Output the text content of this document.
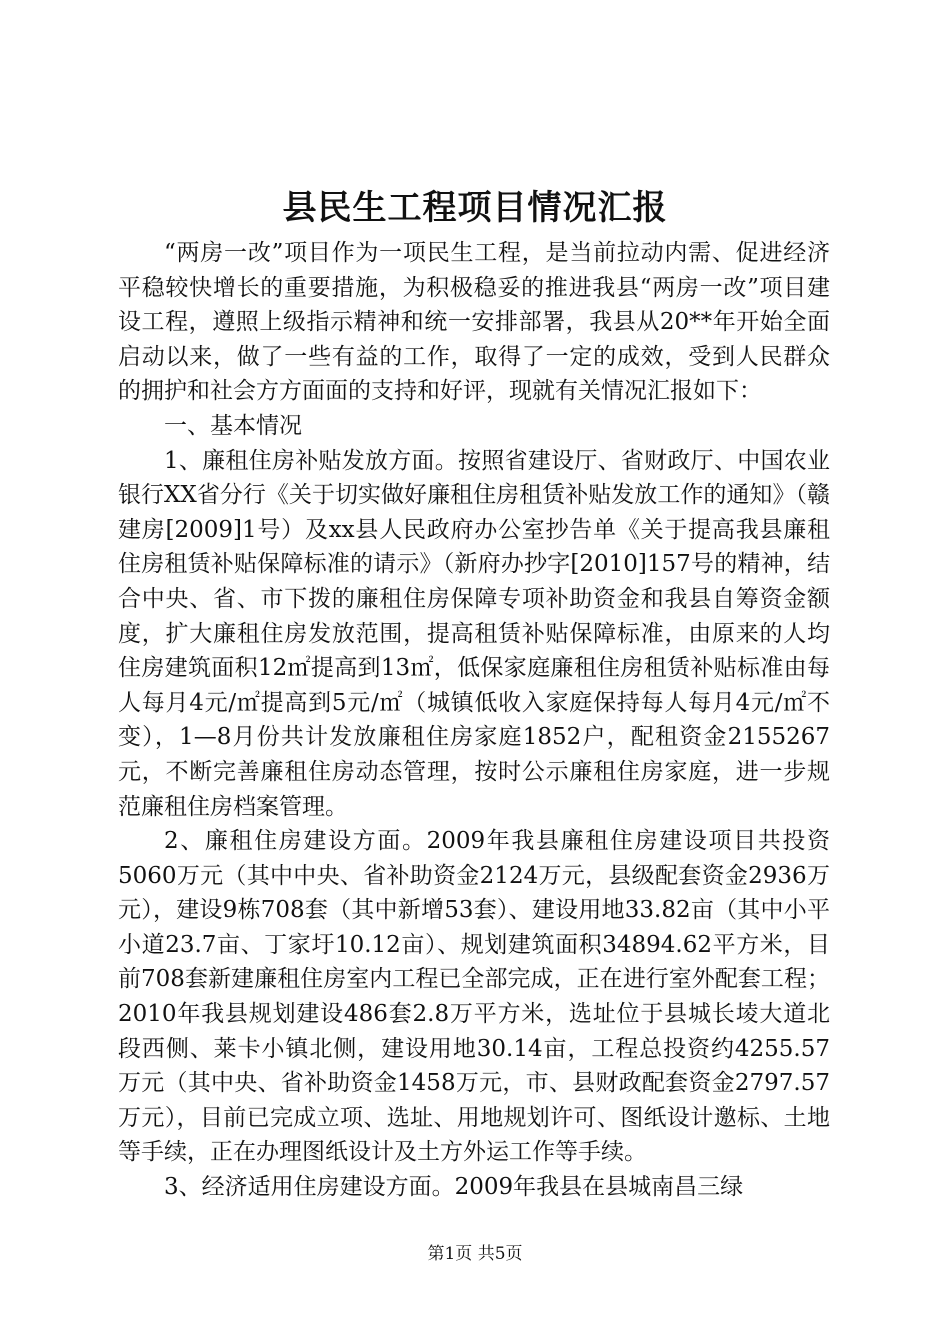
县民生工程项目情况汇报

“两房一改”项目作为一项民生工程，是当前拉动内需、促进经济平稳较快增长的重要措施，为积极稳妥的推进我县“两房一改”项目建设工程，遵照上级指示精神和统一安排部署，我县从20**年开始全面启动以来，做了一些有益的工作，取得了一定的成效，受到人民群众的拥护和社会方方面面的支持和好评，现就有关情况汇报如下：

一、基本情况

1、廉租住房补贴发放方面。按照省建设厅、省财政厅、中国农业银行XX省分行《关于切实做好廉租住房租赁补贴发放工作的通知》（赣建房[2009]1号）及xx县人民政府办公室抄告单《关于提高我县廉租住房租赁补贴保障标准的请示》（新府办抄字[2010]157号的精神，结合中央、省、市下拨的廉租住房保障专项补助资金和我县自筹资金额度，扩大廉租住房发放范围，提高租赁补贴保障标准，由原来的人均住房建筑面积12㎡提高到13㎡，低保家庭廉租住房租赁补贴标准由每人每月4元/㎡提高到5元/㎡（城镇低收入家庭保持每人每月4元/㎡不变），1—8月份共计发放廉租住房家庭1852户，配租资金2155267元，不断完善廉租住房动态管理，按时公示廉租住房家庭，进一步规范廉租住房档案管理。

2、廉租住房建设方面。2009年我县廉租住房建设项目共投资5060万元（其中中央、省补助资金2124万元，县级配套资金2936万元），建设9栋708套（其中新增53套）、建设用地33.82亩（其中小平小道23.7亩、丁家圩10.12亩）、规划建筑面积34894.62平方米，目前708套新建廉租住房室内工程已全部完成，正在进行室外配套工程；2010年我县规划建设486套2.8万平方米，选址位于县城长堎大道北段西侧、莱卡小镇北侧，建设用地30.14亩，工程总投资约4255.57万元（其中央、省补助资金1458万元，市、县财政配套资金2797.57万元），目前已完成立项、选址、用地规划许可、图纸设计邀标、土地等手续，正在办理图纸设计及土方外运工作等手续。

3、经济适用住房建设方面。2009年我县在县城南昌三绿

第1页 共5页
